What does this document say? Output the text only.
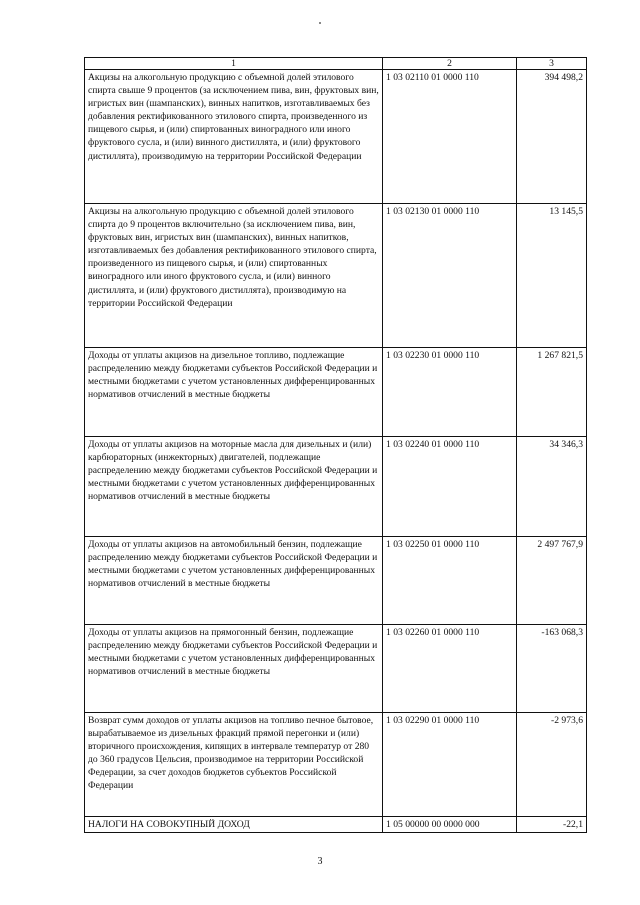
1	2	3
Акцизы на алкогольную продукцию с объемной долей этилового спирта свыше 9 процентов (за исключением пива, вин, фруктовых вин, игристых вин (шампанских), винных напитков, изготавливаемых без добавления ректификованного этилового спирта, произведенного из пищевого сырья, и (или) спиртованных виноградного или иного фруктового сусла, и (или) винного дистиллята, и (или) фруктового дистиллята), производимую на территории Российской Федерации	1 03 02110 01 0000 110	394 498,2
Акцизы на алкогольную продукцию с объемной долей этилового спирта до 9 процентов включительно (за исключением пива, вин, фруктовых вин, игристых вин (шампанских), винных напитков, изготавливаемых без добавления ректификованного этилового спирта, произведенного из пищевого сырья, и (или) спиртованных виноградного или иного фруктового сусла, и (или) винного дистиллята, и (или) фруктового дистиллята), производимую на территории Российской Федерации	1 03 02130 01 0000 110	13 145,5
Доходы от уплаты акцизов на дизельное топливо, подлежащие распределению между бюджетами субъектов Российской Федерации и местными бюджетами с учетом установленных дифференцированных нормативов отчислений в местные бюджеты	1 03 02230 01 0000 110	1 267 821,5
Доходы от уплаты акцизов на моторные масла для дизельных и (или) карбюраторных (инжекторных) двигателей, подлежащие распределению между бюджетами субъектов Российской Федерации и местными бюджетами с учетом установленных дифференцированных нормативов отчислений в местные бюджеты	1 03 02240 01 0000 110	34 346,3
Доходы от уплаты акцизов на автомобильный бензин, подлежащие распределению между бюджетами субъектов Российской Федерации и местными бюджетами с учетом установленных дифференцированных нормативов отчислений в местные бюджеты	1 03 02250 01 0000 110	2 497 767,9
Доходы от уплаты акцизов на прямогонный бензин, подлежащие распределению между бюджетами субъектов Российской Федерации и местными бюджетами с учетом установленных дифференцированных нормативов отчислений в местные бюджеты	1 03 02260 01 0000 110	-163 068,3
Возврат сумм доходов от уплаты акцизов на топливо печное бытовое, вырабатываемое из дизельных фракций прямой перегонки и (или) вторичного происхождения, кипящих в интервале температур от 280 до 360 градусов Цельсия, производимое на территории Российской Федерации, за счет доходов бюджетов субъектов Российской Федерации	1 03 02290 01 0000 110	-2 973,6
НАЛОГИ НА СОВОКУПНЫЙ ДОХОД	1 05 00000 00 0000 000	-22,1
3
